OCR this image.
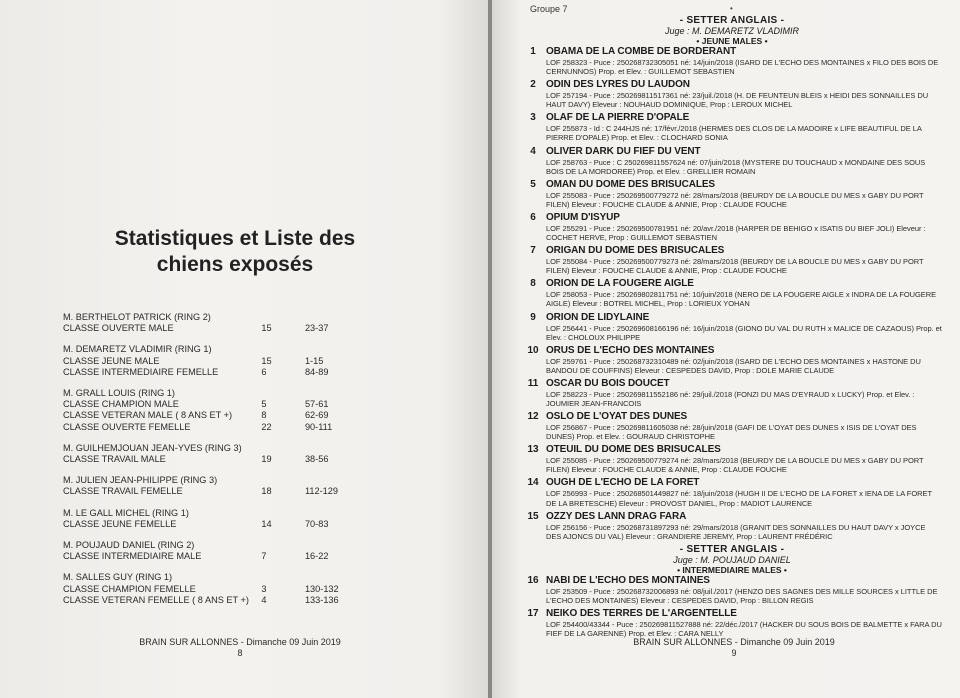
Statistiques et Liste des
chiens exposés
M. BERTHELOT PATRICK (RING 2)
CLASSE OUVERTE MALE	15	23-37
M. DEMARETZ VLADIMIR (RING 1)
CLASSE JEUNE MALE	15	1-15
CLASSE INTERMEDIAIRE FEMELLE	6	84-89
M. GRALL LOUIS (RING 1)
CLASSE CHAMPION MALE	5	57-61
CLASSE VETERAN MALE ( 8 ANS ET +)	8	62-69
CLASSE OUVERTE FEMELLE	22	90-111
M. GUILHEMJOUAN JEAN-YVES (RING 3)
CLASSE TRAVAIL MALE	19	38-56
M. JULIEN JEAN-PHILIPPE (RING 3)
CLASSE TRAVAIL FEMELLE	18	112-129
M. LE GALL MICHEL (RING 1)
CLASSE JEUNE FEMELLE	14	70-83
M. POUJAUD DANIEL (RING 2)
CLASSE INTERMEDIAIRE MALE	7	16-22
M. SALLES GUY (RING 1)
CLASSE CHAMPION FEMELLE	3	130-132
CLASSE VETERAN FEMELLE ( 8 ANS ET +)	4	133-136
BRAIN SUR ALLONNES - Dimanche 09 Juin 2019
8
Groupe 7	•
- SETTER ANGLAIS -
Juge : M. DEMARETZ VLADIMIR
• JEUNE MALES •
1	OBAMA DE LA COMBE DE BORDERANT
LOF 258323 - Puce : 250268732305051 né: 14/juin/2018 (ISARD DE L'ECHO DES MONTAINES x FILO DES BOIS DE CERNUNNOS) Prop. et Elev. : GUILLEMOT SEBASTIEN
2	ODIN DES LYRES DU LAUDON
LOF 257194 - Puce : 250269811517361 né: 23/juil./2018 (H. DE FEUNTEUN BLEIS x HEIDI DES SONNAILLES DU HAUT DAVY) Eleveur : NOUHAUD DOMINIQUE, Prop : LEROUX MICHEL
3	OLAF DE LA PIERRE D'OPALE
LOF 255873 - Id : C 244HJS né: 17/févr./2018 (HERMES DES CLOS DE LA MADOIRE x LIFE BEAUTIFUL DE LA PIERRE D'OPALE) Prop. et Elev. : CLOCHARD SONIA
4	OLIVER DARK DU FIEF DU VENT
LOF 258763 - Puce : C 250269811557624 né: 07/juin/2018 (MYSTERE DU TOUCHAUD x MONDAINE DES SOUS BOIS DE LA MORDOREE) Prop. et Elev. : GRELLIER ROMAIN
5	OMAN DU DOME DES BRISUCALES
LOF 255083 - Puce : 250269500779272 né: 28/mars/2018 (BEURDY DE LA BOUCLE DU MES x GABY DU PORT FILEN) Eleveur : FOUCHE CLAUDE & ANNIE, Prop : CLAUDE FOUCHE
6	OPIUM D'ISYUP
LOF 255291 - Puce : 250269500781951 né: 20/avr./2018 (HARPER DE BEHIGO x ISATIS DU BIEF JOLI) Eleveur : COCHET HERVE, Prop : GUILLEMOT SEBASTIEN
7	ORIGAN DU DOME DES BRISUCALES
LOF 255084 - Puce : 250269500779273 né: 28/mars/2018 (BEURDY DE LA BOUCLE DU MES x GABY DU PORT FILEN) Eleveur : FOUCHE CLAUDE & ANNIE, Prop : CLAUDE FOUCHE
8	ORION DE LA FOUGERE AIGLE
LOF 258053 - Puce : 250269802811751 né: 10/juin/2018 (NERO DE LA FOUGERE AIGLE x INDRA DE LA FOUGERE AIGLE) Eleveur : BOTREL MICHEL, Prop : LORIEUX YOHAN
9	ORION DE LIDYLAINE
LOF 256441 - Puce : 250269608166196 né: 16/juin/2018 (GIONO DU VAL DU RUTH x MALICE DE CAZAOUS) Prop. et Elev. : CHOLOUX PHILIPPE
10 ORUS DE L'ECHO DES MONTAINES
LOF 259761 - Puce : 250268732310489 né: 02/juin/2018 (ISARD DE L'ECHO DES MONTAINES x HASTONE DU BANDOU DE COUFFINS) Eleveur : CESPEDES DAVID, Prop : DOLE MARIE CLAUDE
11 OSCAR DU BOIS DOUCET
LOF 258223 - Puce : 250269811552186 né: 29/juil./2018 (FONZI DU MAS D'EYRAUD x LUCKY) Prop. et Elev. : JOUMIER JEAN-FRANCOIS
12 OSLO DE L'OYAT DES DUNES
LOF 256867 - Puce : 250269811605038 né: 28/juin/2018 (GAFI DE L'OYAT DES DUNES x ISIS DE L'OYAT DES DUNES) Prop. et Elev. : GOURAUD CHRISTOPHE
13 OTEUIL DU DOME DES BRISUCALES
LOF 255085 - Puce : 250269500779274 né: 28/mars/2018 (BEURDY DE LA BOUCLE DU MES x GABY DU PORT FILEN) Eleveur : FOUCHE CLAUDE & ANNIE, Prop : CLAUDE FOUCHE
14 OUGH DE L'ECHO DE LA FORET
LOF 256993 - Puce : 250268501449827 né: 18/juin/2018 (HUGH II DE L'ECHO DE LA FORET x IENA DE LA FORET DE LA BRETESCHE) Eleveur : PROVOST DANIEL, Prop : MADIOT LAURENCE
15 OZZY DES LANN DRAG FARA
LOF 256156 - Puce : 250268731897293 né: 29/mars/2018 (GRANIT DES SONNAILLES DU HAUT DAVY x JOYCE DES AJONCS DU VAL) Eleveur : GRANDIERE JEREMY, Prop : LAURENT FRÉDÉRIC
- SETTER ANGLAIS -
Juge : M. POUJAUD DANIEL
• INTERMEDIAIRE MALES •
16 NABI DE L'ECHO DES MONTAINES
LOF 253509 - Puce : 250268732006893 né: 08/juil./2017 (HENZO DES SAGNES DES MILLE SOURCES x LITTLE DE L'ECHO DES MONTAINES) Eleveur : CESPEDES DAVID, Prop : BILLON REGIS
17 NEIKO DES TERRES DE L'ARGENTELLE
LOF 254400/43344 - Puce : 250269811527888 né: 22/déc./2017 (HACKER DU SOUS BOIS DE BALMETTE x FARA DU FIEF DE LA GARENNE) Prop. et Elev. : CARA NELLY
BRAIN SUR ALLONNES - Dimanche 09 Juin 2019
9
